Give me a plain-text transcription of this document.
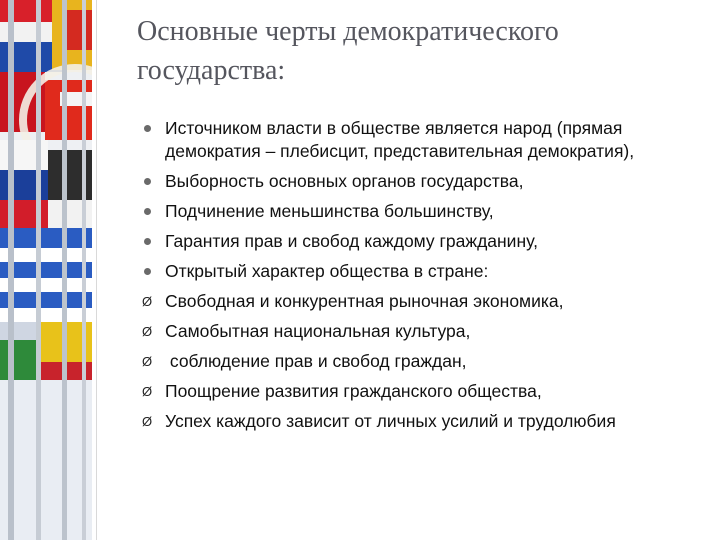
Основные черты демократического
государства:
Источником власти в обществе является народ (прямая демократия – плебисцит, представительная демократия),
Выборность основных органов государства,
Подчинение меньшинства большинству,
Гарантия прав и свобод каждому гражданину,
Открытый характер общества в стране:
Ø Свободная и конкурентная рыночная экономика,
Ø Самобытная национальная культура,
Ø соблюдение прав и свобод граждан,
Ø Поощрение развития гражданского общества,
Ø Успех каждого зависит от личных усилий и трудолюбия
